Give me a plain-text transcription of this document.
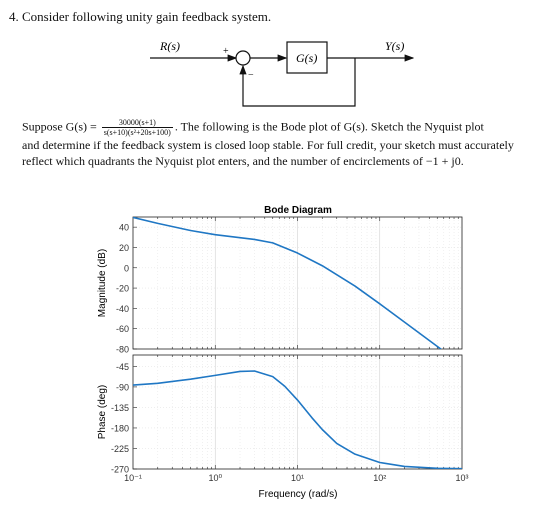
4. Consider following unity gain feedback system.
R(s)	+	G(s)
Y(s)
−
Suppose $G(s) = \frac{30000(s+1)}{\text{s(s+10)(s²+20s+100)}}$ . The following is the Bode plot of G(s). Sketch the Nyquist plot
and determine if the feedback system is closed loop stable. For full credit, your sketch must accurately
reflect which quadrants the Nyquist plot enters, and the number of encirclements of −1 + j0.
Bode Diagram
Frequency (rad/s)
Magnitude (dB)
Phase (deg)
40
20
0
-20
-40
-60
-80
-45
-90
-135
-180
-225
-270
10⁻¹	10⁰	10¹	10²	10³
